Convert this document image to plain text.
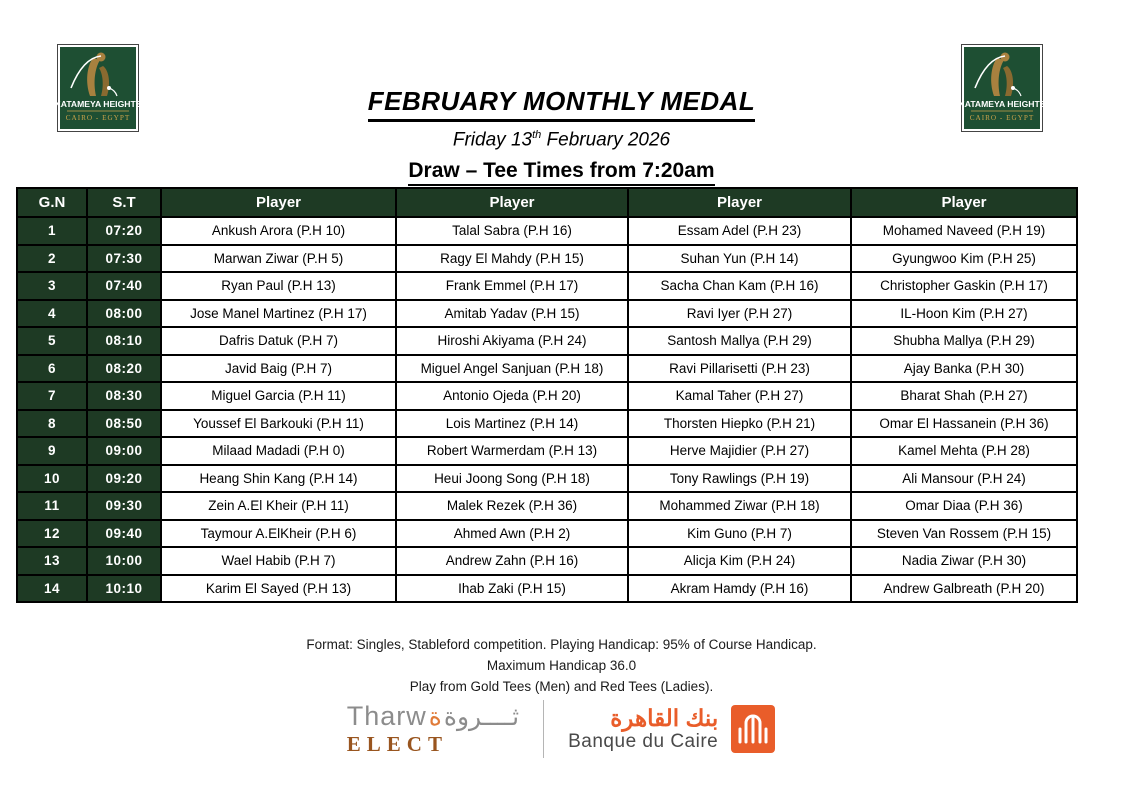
KATAMEYA HEIGHTS
CAIRO - EGYPT
KATAMEYA HEIGHTS
CAIRO - EGYPT
FEBRUARY MONTHLY MEDAL
Friday 13th February 2026
Draw – Tee Times from 7:20am
G.N	S.T	Player	Player	Player	Player
1	07:20	Ankush Arora (P.H 10)	Talal Sabra (P.H 16)	Essam Adel (P.H 23)	Mohamed Naveed (P.H 19)
2	07:30	Marwan Ziwar (P.H 5)	Ragy El Mahdy (P.H 15)	Suhan Yun (P.H 14)	Gyungwoo Kim (P.H 25)
3	07:40	Ryan Paul (P.H 13)	Frank Emmel (P.H 17)	Sacha Chan Kam (P.H 16)	Christopher Gaskin (P.H 17)
4	08:00	Jose Manel Martinez (P.H 17)	Amitab Yadav (P.H 15)	Ravi Iyer (P.H 27)	IL-Hoon Kim (P.H 27)
5	08:10	Dafris Datuk (P.H 7)	Hiroshi Akiyama (P.H 24)	Santosh Mallya (P.H 29)	Shubha Mallya (P.H 29)
6	08:20	Javid Baig (P.H 7)	Miguel Angel Sanjuan (P.H 18)	Ravi Pillarisetti (P.H 23)	Ajay Banka (P.H 30)
7	08:30	Miguel Garcia (P.H 11)	Antonio Ojeda (P.H 20)	Kamal Taher (P.H 27)	Bharat Shah (P.H 27)
8	08:50	Youssef El Barkouki (P.H 11)	Lois Martinez (P.H 14)	Thorsten Hiepko (P.H 21)	Omar El Hassanein (P.H 36)
9	09:00	Milaad Madadi (P.H 0)	Robert Warmerdam (P.H 13)	Herve Majidier (P.H 27)	Kamel Mehta (P.H 28)
10	09:20	Heang Shin Kang (P.H 14)	Heui Joong Song (P.H 18)	Tony Rawlings (P.H 19)	Ali Mansour (P.H 24)
11	09:30	Zein A.El Kheir (P.H 11)	Malek Rezek (P.H 36)	Mohammed Ziwar (P.H 18)	Omar Diaa (P.H 36)
12	09:40	Taymour A.ElKheir (P.H 6)	Ahmed Awn (P.H 2)	Kim Guno (P.H 7)	Steven Van Rossem (P.H 15)
13	10:00	Wael Habib (P.H 7)	Andrew Zahn (P.H 16)	Alicja Kim (P.H 24)	Nadia Ziwar (P.H 30)
14	10:10	Karim El Sayed (P.H 13)	Ihab Zaki (P.H 15)	Akram Hamdy (P.H 16)	Andrew Galbreath (P.H 20)
Format: Singles, Stableford competition. Playing Handicap: 95% of Course Handicap.
Maximum Handicap 36.0
Play from Gold Tees (Men) and Red Tees (Ladies).
Tharw ة ثــــروة
ELECT
بنك القاهرة
Banque du Caire
